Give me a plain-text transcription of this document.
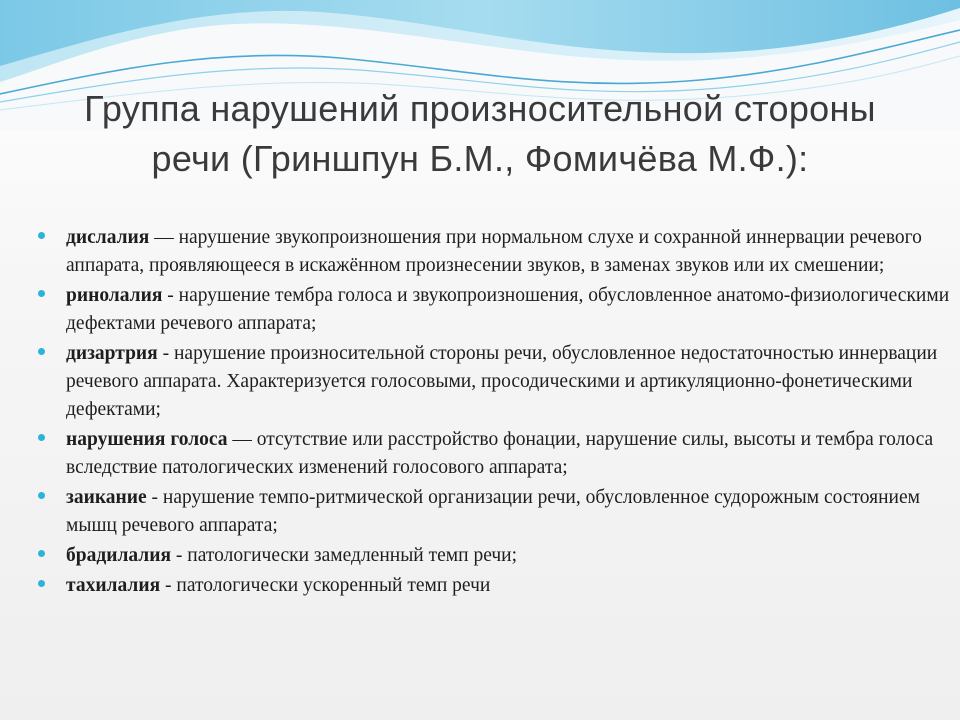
Группа нарушений произносительной стороны
речи (Гриншпун Б.М., Фомичёва М.Ф.):
дислалия — нарушение звукопроизношения при нормальном слухе и сохранной иннервации речевого аппарата, проявляющееся в искажённом произнесении звуков, в заменах звуков или их смешении;
ринолалия - нарушение тембра голоса и звукопроизношения, обусловленное анатомо-физиологическими дефектами речевого аппарата;
дизартрия - нарушение произносительной стороны речи, обусловленное недостаточностью иннервации речевого аппарата. Характеризуется голосовыми, просодическими и артикуляционно-фонетическими дефектами;
нарушения голоса — отсутствие или расстройство фонации, нарушение силы, высоты и тембра голоса вследствие патологических изменений голосового аппарата;
заикание - нарушение темпо-ритмической организации речи, обусловленное судорожным состоянием мышц речевого аппарата;
брадилалия - патологически замедленный темп речи;
тахилалия - патологически ускоренный темп речи
